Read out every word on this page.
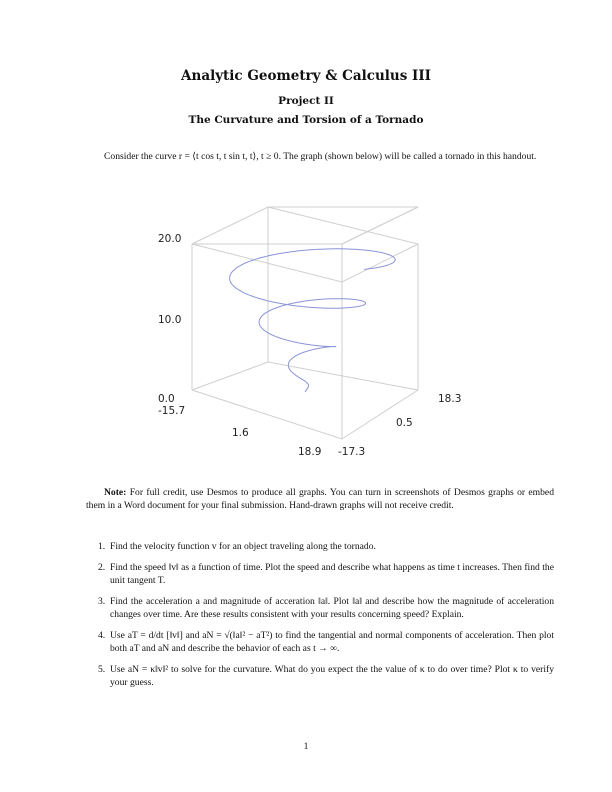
Analytic Geometry & Calculus III
Project II
The Curvature and Torsion of a Tornado
Consider the curve r = ⟨t cos t, t sin t, t⟩, t ≥ 0. The graph (shown below) will be called a tornado in this handout.
20.0
10.0
0.0
-15.7
1.6
18.9 -17.3
0.5
18.3
Note: For full credit, use Desmos to produce all graphs. You can turn in screenshots of Desmos graphs or embed them in a Word document for your final submission. Hand-drawn graphs will not receive credit.
1. Find the velocity function v for an object traveling along the tornado.
2. Find the speed ‖v‖ as a function of time. Plot the speed and describe what happens as time t increases. Then find the unit tangent T.
3. Find the acceleration a and magnitude of acceration ‖a‖. Plot ‖a‖ and describe how the magnitude of acceleration changes over time. Are these results consistent with your results concerning speed? Explain.
4. Use aT = d/dt [‖v‖] and aN = √(‖a‖² − aT²) to find the tangential and normal components of acceleration. Then plot both aT and aN and describe the behavior of each as t → ∞.
5. Use aN = κ‖v‖² to solve for the curvature. What do you expect the the value of κ to do over time? Plot κ to verify your guess.
1
